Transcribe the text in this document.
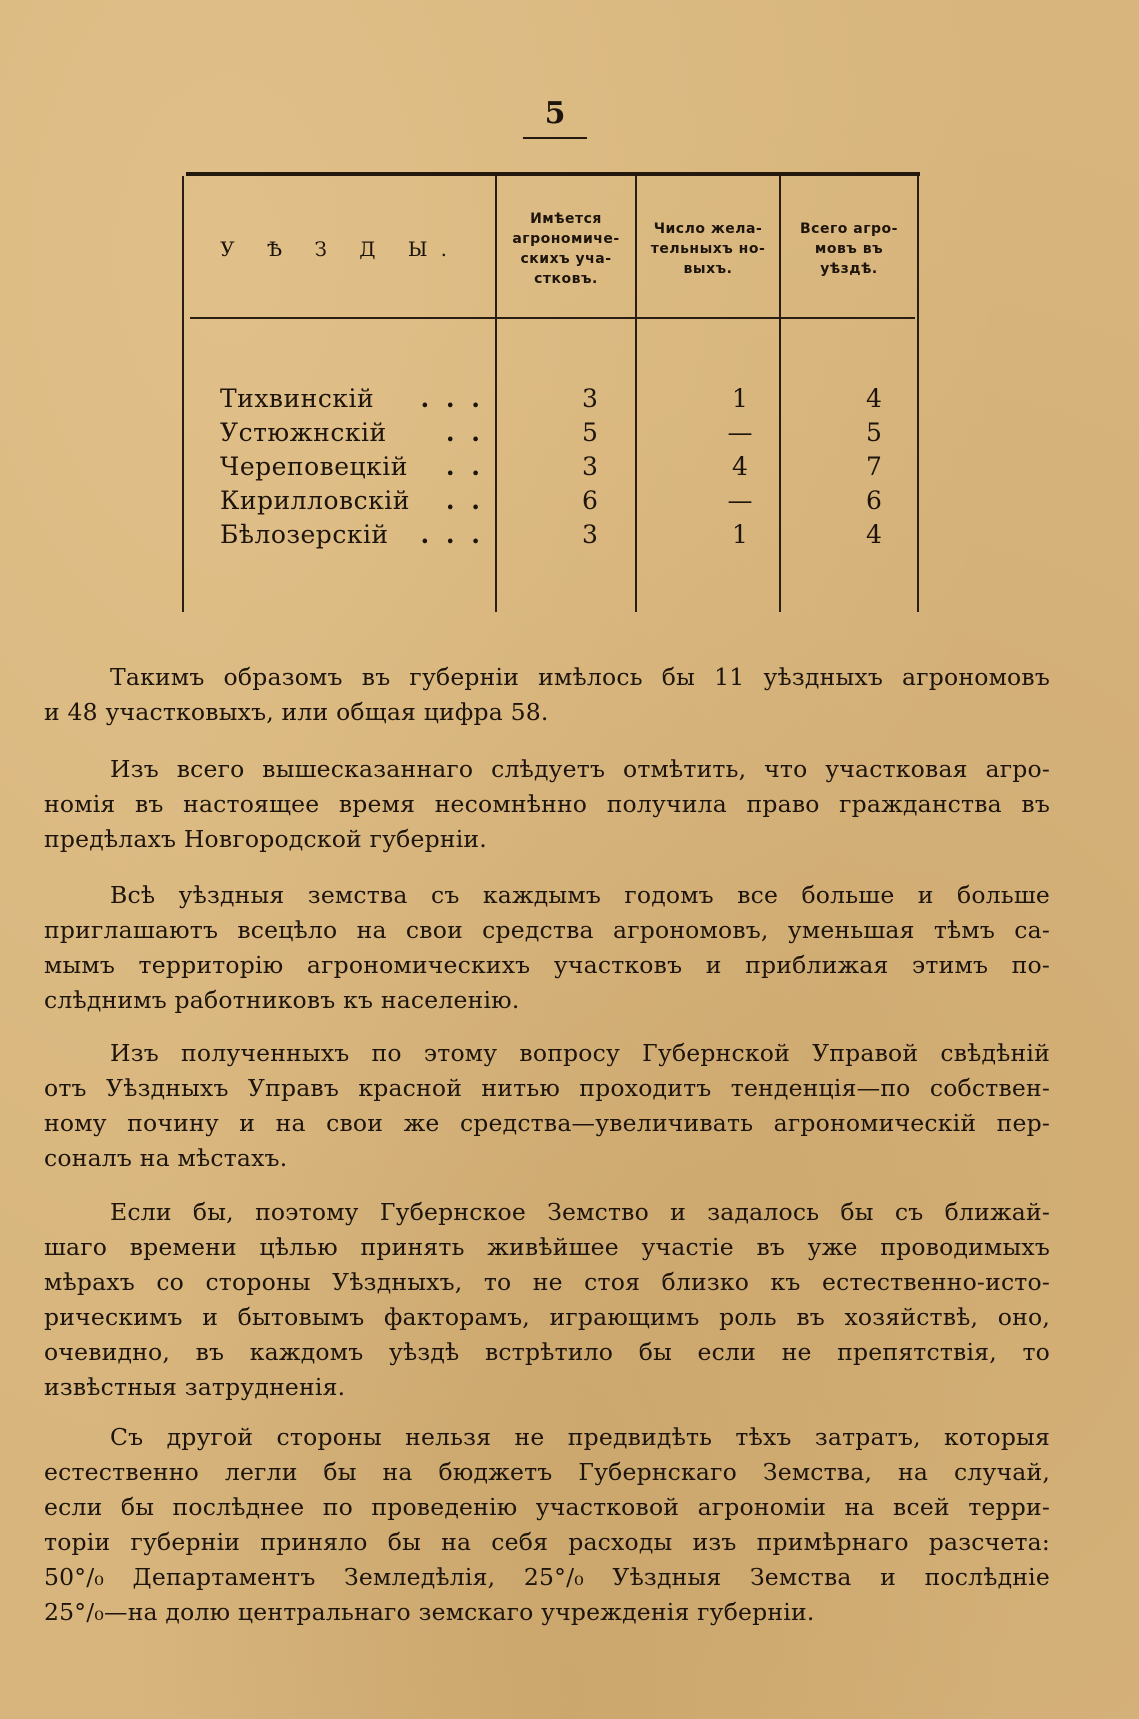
5
У Ѣ З Д Ы.
Имѣется
агрономиче-
скихъ уча-
стковъ.
Число жела-
тельныхъ но-
выхъ.
Всего агро-
мовъ въ
уѣздѣ.
Тихвинскій	. . .	3	1	4
Устюжнскій	. .	5	—	5
Череповецкій	. .	3	4	7
Кирилловскій	. .	6	—	6
Бѣлозерскій	. . .	3	1	4
Такимъ образомъ въ губерніи имѣлось бы 11 уѣздныхъ агрономовъ
и 48 участковыхъ, или общая цифра 58.
Изъ всего вышесказаннаго слѣдуетъ отмѣтить, что участковая агро-
номія въ настоящее время несомнѣнно получила право гражданства въ
предѣлахъ Новгородской губерніи.
Всѣ уѣздныя земства съ каждымъ годомъ все больше и больше
приглашаютъ всецѣло на свои средства агрономовъ, уменьшая тѣмъ са-
мымъ территорію агрономическихъ участковъ и приближая этимъ по-
слѣднимъ работниковъ къ населенію.
Изъ полученныхъ по этому вопросу Губернской Управой свѣдѣній
отъ Уѣздныхъ Управъ красной нитью проходитъ тенденція—по собствен-
ному почину и на свои же средства—увеличивать агрономическій пер-
соналъ на мѣстахъ.
Если бы, поэтому Губернское Земство и задалось бы съ ближай-
шаго времени цѣлью принять живѣйшее участіе въ уже проводимыхъ
мѣрахъ со стороны Уѣздныхъ, то не стоя близко къ естественно-исто-
рическимъ и бытовымъ факторамъ, играющимъ роль въ хозяйствѣ, оно,
очевидно, въ каждомъ уѣздѣ встрѣтило бы если не препятствія, то
извѣстныя затрудненія.
Съ другой стороны нельзя не предвидѣть тѣхъ затратъ, которыя
естественно легли бы на бюджетъ Губернскаго Земства, на случай,
если бы послѣднее по проведенію участковой агрономіи на всей терри-
торіи губерніи приняло бы на себя расходы изъ примѣрнаго разсчета:
50°/₀ Департаментъ Земледѣлія, 25°/₀ Уѣздныя Земства и послѣдніе
25°/₀—на долю центральнаго земскаго учрежденія губерніи.
